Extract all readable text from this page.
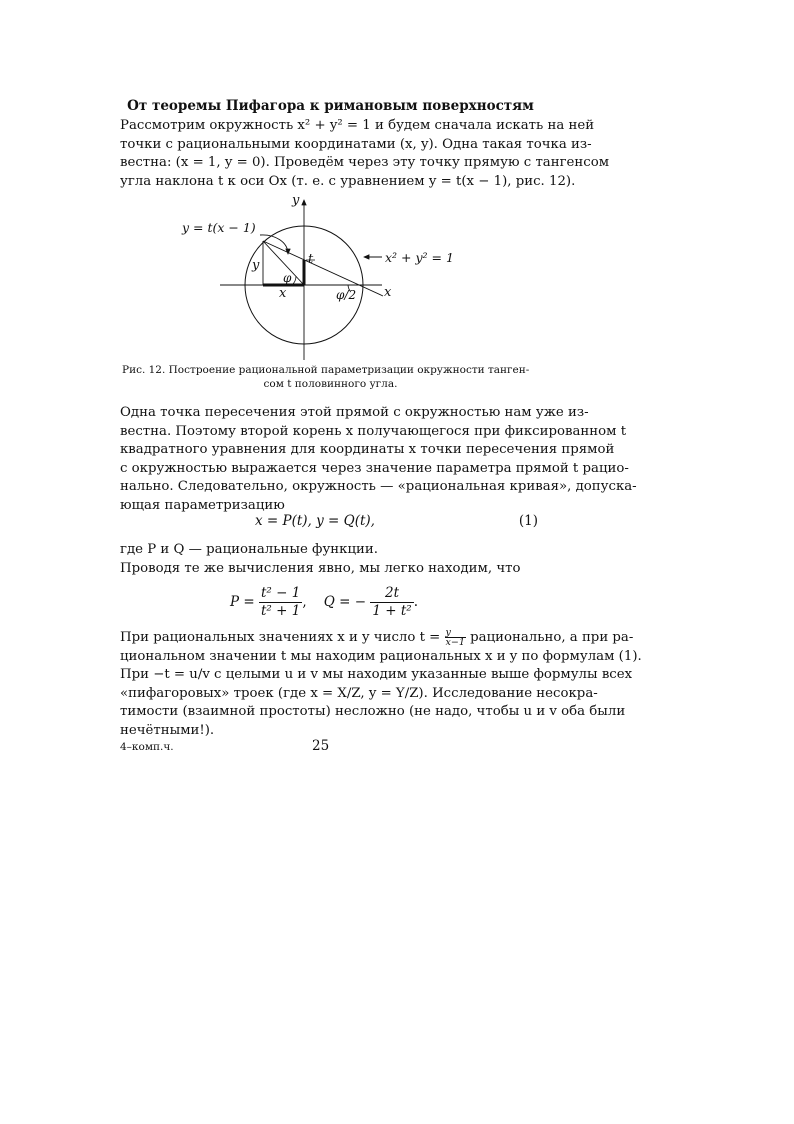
От теоремы Пифагора к римановым поверхностям
Рассмотрим окружность x² + y² = 1 и будем сначала искать на ней
точки с рациональными координатами (x, y). Одна такая точка из-
вестна: (x = 1, y = 0). Проведём через эту точку прямую с тангенсом
угла наклона t к оси Ox (т. е. с уравнением y = t(x − 1), рис. 12).
y
x
y = t(x − 1)
x² + y² = 1
x
y	t
φ
φ/2
Рис. 12. Построение рациональной параметризации окружности танген-
сом t половинного угла.
Одна точка пересечения этой прямой с окружностью нам уже из-
вестна. Поэтому второй корень x получающегося при фиксированном t
квадратного уравнения для координаты x точки пересечения прямой
с окружностью выражается через значение параметра прямой t рацио-
нально. Следовательно, окружность — «рациональная кривая», допуска-
ющая параметризацию
x = P(t), y = Q(t),	(1)
где P и Q — рациональные функции.
Проводя те же вычисления явно, мы легко находим, что
$P = \frac{\text{t² − 1}}{\text{t² + 1}}$ ,    Q = − $\frac{2t}{\text{1 + t²}}$ .
При рациональных значениях x и y число $t = \frac{y}{x-1}$ рационально, а при ра-
циональном значении t мы находим рациональных x и y по формулам (1).
При −t = u/v с целыми u и v мы находим указанные выше формулы всех
«пифагоровых» троек (где x = X/Z, y = Y/Z). Исследование несокра-
тимости (взаимной простоты) несложно (не надо, чтобы u и v оба были
нечётными!).
4–комп.ч.	25
